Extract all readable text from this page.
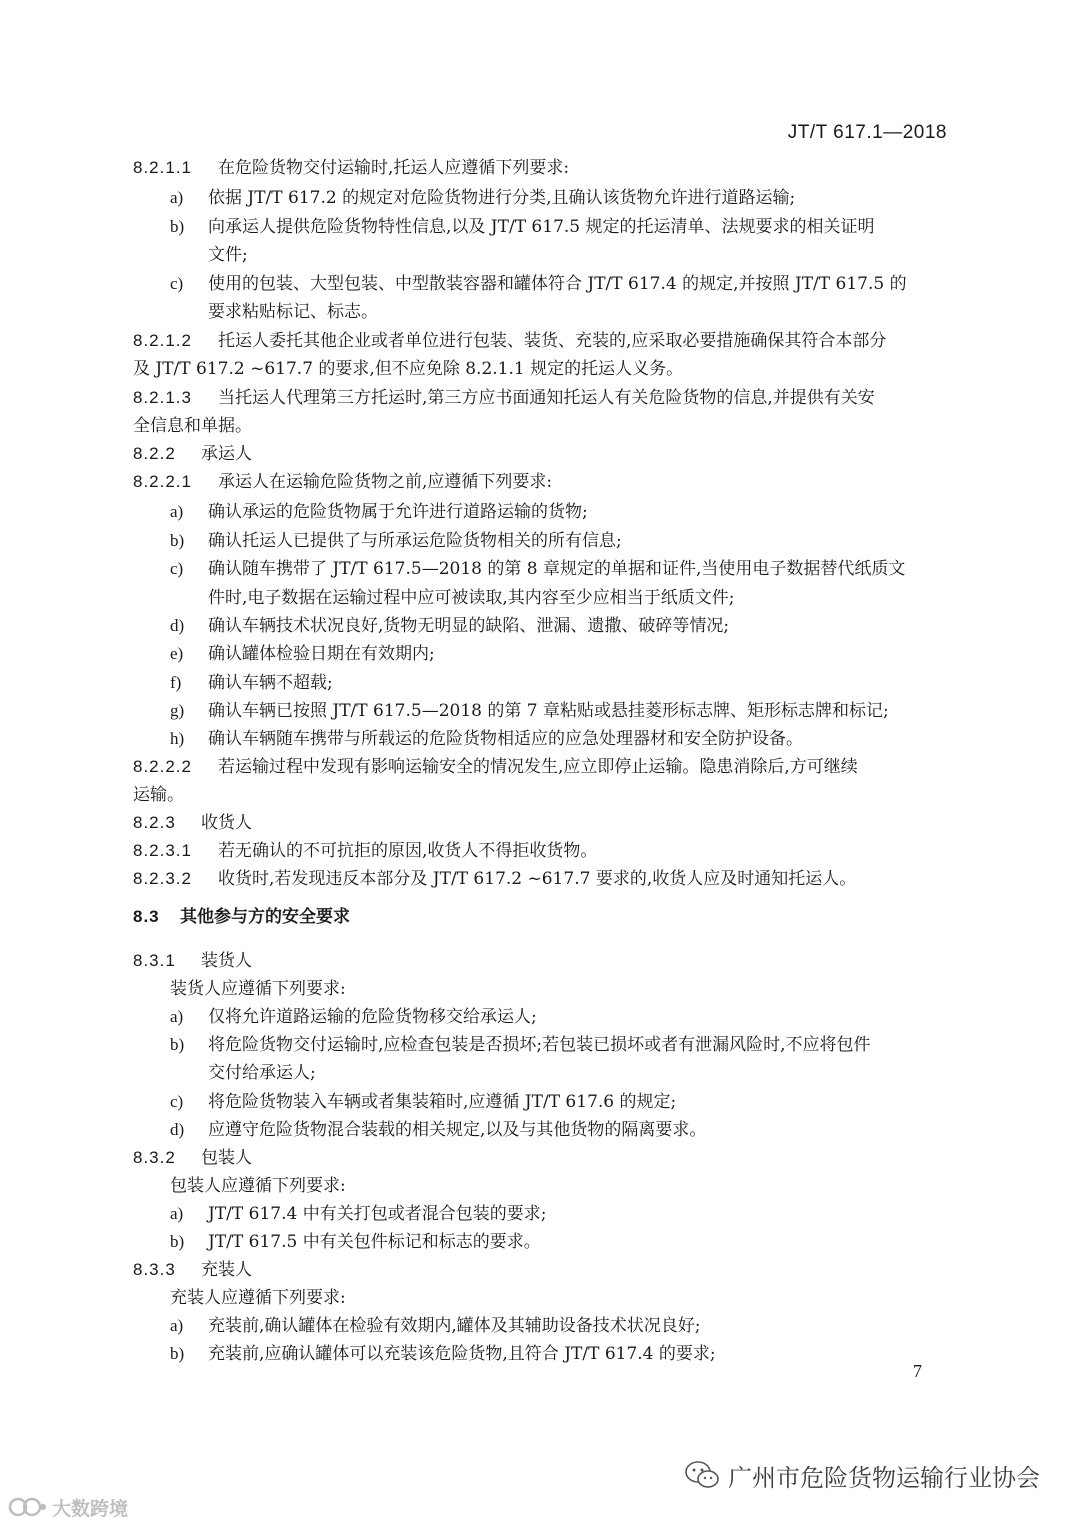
JT/T 617.1—2018
8.2.1.1 在危险货物交付运输时,托运人应遵循下列要求:
a) 依据 JT/T 617.2 的规定对危险货物进行分类,且确认该货物允许进行道路运输;
b) 向承运人提供危险货物特性信息,以及 JT/T 617.5 规定的托运清单、法规要求的相关证明
文件;
c) 使用的包装、大型包装、中型散装容器和罐体符合 JT/T 617.4 的规定,并按照 JT/T 617.5 的
要求粘贴标记、标志。
8.2.1.2 托运人委托其他企业或者单位进行包装、装货、充装的,应采取必要措施确保其符合本部分
及 JT/T 617.2 ~617.7 的要求,但不应免除 8.2.1.1 规定的托运人义务。
8.2.1.3 当托运人代理第三方托运时,第三方应书面通知托运人有关危险货物的信息,并提供有关安
全信息和单据。
8.2.2 承运人
8.2.2.1 承运人在运输危险货物之前,应遵循下列要求:
a) 确认承运的危险货物属于允许进行道路运输的货物;
b) 确认托运人已提供了与所承运危险货物相关的所有信息;
c) 确认随车携带了 JT/T 617.5—2018 的第 8 章规定的单据和证件,当使用电子数据替代纸质文
件时,电子数据在运输过程中应可被读取,其内容至少应相当于纸质文件;
d) 确认车辆技术状况良好,货物无明显的缺陷、泄漏、遗撒、破碎等情况;
e) 确认罐体检验日期在有效期内;
f) 确认车辆不超载;
g) 确认车辆已按照 JT/T 617.5—2018 的第 7 章粘贴或悬挂菱形标志牌、矩形标志牌和标记;
h) 确认车辆随车携带与所载运的危险货物相适应的应急处理器材和安全防护设备。
8.2.2.2 若运输过程中发现有影响运输安全的情况发生,应立即停止运输。隐患消除后,方可继续
运输。
8.2.3 收货人
8.2.3.1 若无确认的不可抗拒的原因,收货人不得拒收货物。
8.2.3.2 收货时,若发现违反本部分及 JT/T 617.2 ~617.7 要求的,收货人应及时通知托运人。
8.3 其他参与方的安全要求
8.3.1 装货人
装货人应遵循下列要求:
a) 仅将允许道路运输的危险货物移交给承运人;
b) 将危险货物交付运输时,应检查包装是否损坏;若包装已损坏或者有泄漏风险时,不应将包件
交付给承运人;
c) 将危险货物装入车辆或者集装箱时,应遵循 JT/T 617.6 的规定;
d) 应遵守危险货物混合装载的相关规定,以及与其他货物的隔离要求。
8.3.2 包装人
包装人应遵循下列要求:
a) JT/T 617.4 中有关打包或者混合包装的要求;
b) JT/T 617.5 中有关包件标记和标志的要求。
8.3.3 充装人
充装人应遵循下列要求:
a) 充装前,确认罐体在检验有效期内,罐体及其辅助设备技术状况良好;
b) 充装前,应确认罐体可以充装该危险货物,且符合 JT/T 617.4 的要求;
7
广州市危险货物运输行业协会
大数跨境
